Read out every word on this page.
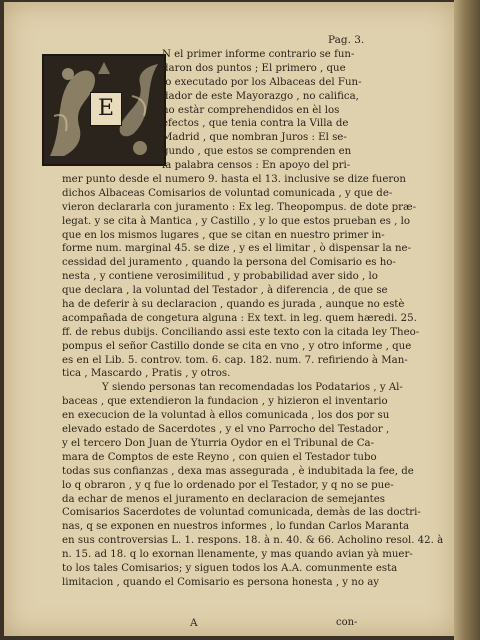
Pag. 3.
E
N el primer informe contrario se fun-
daron dos puntos ; El primero , que
lo executado por los Albaceas del Fun-
dador de este Mayorazgo , no califica,
no estàr comprehendidos en èl los
efectos , que tenia contra la Villa de
Madrid , que nombran Juros : El se-
gundo , que estos se comprenden en
la palabra censos : En apoyo del pri-
mer punto desde el numero 9. hasta el 13. inclusive se dize fueron
dichos Albaceas Comisarios de voluntad comunicada , y que de-
vieron declararla con juramento : Ex leg. Theopompus. de dote præ-
legat. y se cita à Mantica , y Castillo , y lo que estos prueban es , lo
que en los mismos lugares , que se citan en nuestro primer in-
forme num. marginal 45. se dize , y es el limitar , ò dispensar la ne-
cessidad del juramento , quando la persona del Comisario es ho-
nesta , y contiene verosimilitud , y probabilidad aver sido , lo
que declara , la voluntad del Testador , à diferencia , de que se
ha de deferir à su declaracion , quando es jurada , aunque no estè
acompañada de congetura alguna : Ex text. in leg. quem hæredi. 25.
ff. de rebus dubijs. Conciliando assi este texto con la citada ley Theo-
pompus el señor Castillo donde se cita en vno , y otro informe , que
es en el Lib. 5. controv. tom. 6. cap. 182. num. 7. refiriendo à Man-
tica , Mascardo , Pratis , y otros.
Y siendo personas tan recomendadas los Podatarios , y Al-
baceas , que extendieron la fundacion , y hizieron el inventario
en execucion de la voluntad à ellos comunicada , los dos por su
elevado estado de Sacerdotes , y el vno Parrocho del Testador ,
y el tercero Don Juan de Yturria Oydor en el Tribunal de Ca-
mara de Comptos de este Reyno , con quien el Testador tubo
todas sus confianzas , dexa mas assegurada , è indubitada la fee, de
lo q obraron , y q fue lo ordenado por el Testador, y q no se pue-
da echar de menos el juramento en declaracion de semejantes
Comisarios Sacerdotes de voluntad comunicada, demàs de las doctri-
nas, q se exponen en nuestros informes , lo fundan Carlos Maranta
en sus controversias L. 1. respons. 18. à n. 40. & 66. Acholino resol. 42. à
n. 15. ad 18. q lo exornan llenamente, y mas quando avian yà muer-
to los tales Comisarios; y siguen todos los A.A. comunmente esta
limitacion , quando el Comisario es persona honesta , y no ay
A	con-
